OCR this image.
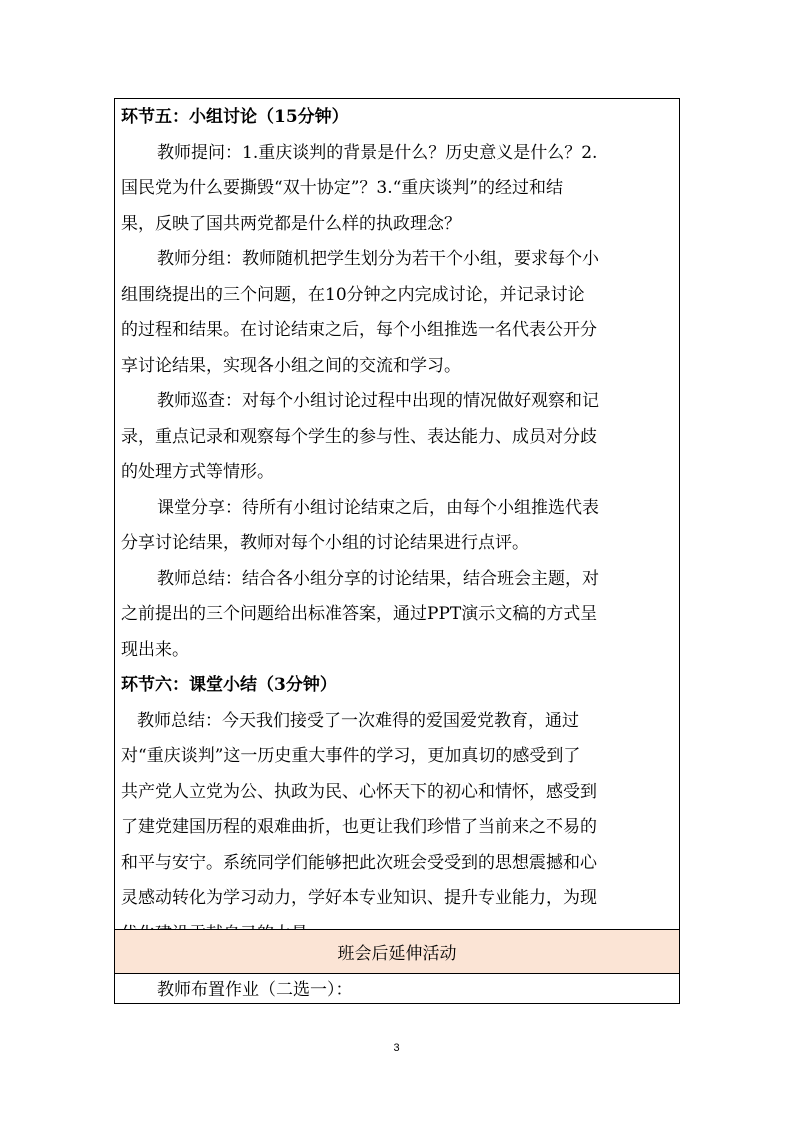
环节五：小组讨论（15分钟）
教师提问：1.重庆谈判的背景是什么？历史意义是什么？2.
国民党为什么要撕毁“双十协定”？3.“重庆谈判”的经过和结
果，反映了国共两党都是什么样的执政理念？
教师分组：教师随机把学生划分为若干个小组，要求每个小
组围绕提出的三个问题，在10分钟之内完成讨论，并记录讨论
的过程和结果。在讨论结束之后，每个小组推选一名代表公开分
享讨论结果，实现各小组之间的交流和学习。
教师巡查：对每个小组讨论过程中出现的情况做好观察和记
录，重点记录和观察每个学生的参与性、表达能力、成员对分歧
的处理方式等情形。
课堂分享：待所有小组讨论结束之后，由每个小组推选代表
分享讨论结果，教师对每个小组的讨论结果进行点评。
教师总结：结合各小组分享的讨论结果，结合班会主题，对
之前提出的三个问题给出标准答案，通过PPT演示文稿的方式呈
现出来。
环节六：课堂小结（3分钟）
教师总结：今天我们接受了一次难得的爱国爱党教育，通过
对“重庆谈判”这一历史重大事件的学习，更加真切的感受到了
共产党人立党为公、执政为民、心怀天下的初心和情怀，感受到
了建党建国历程的艰难曲折，也更让我们珍惜了当前来之不易的
和平与安宁。系统同学们能够把此次班会受受到的思想震撼和心
灵感动转化为学习动力，学好本专业知识、提升专业能力，为现
班会后延伸活动
教师布置作业（二选一）：
3
